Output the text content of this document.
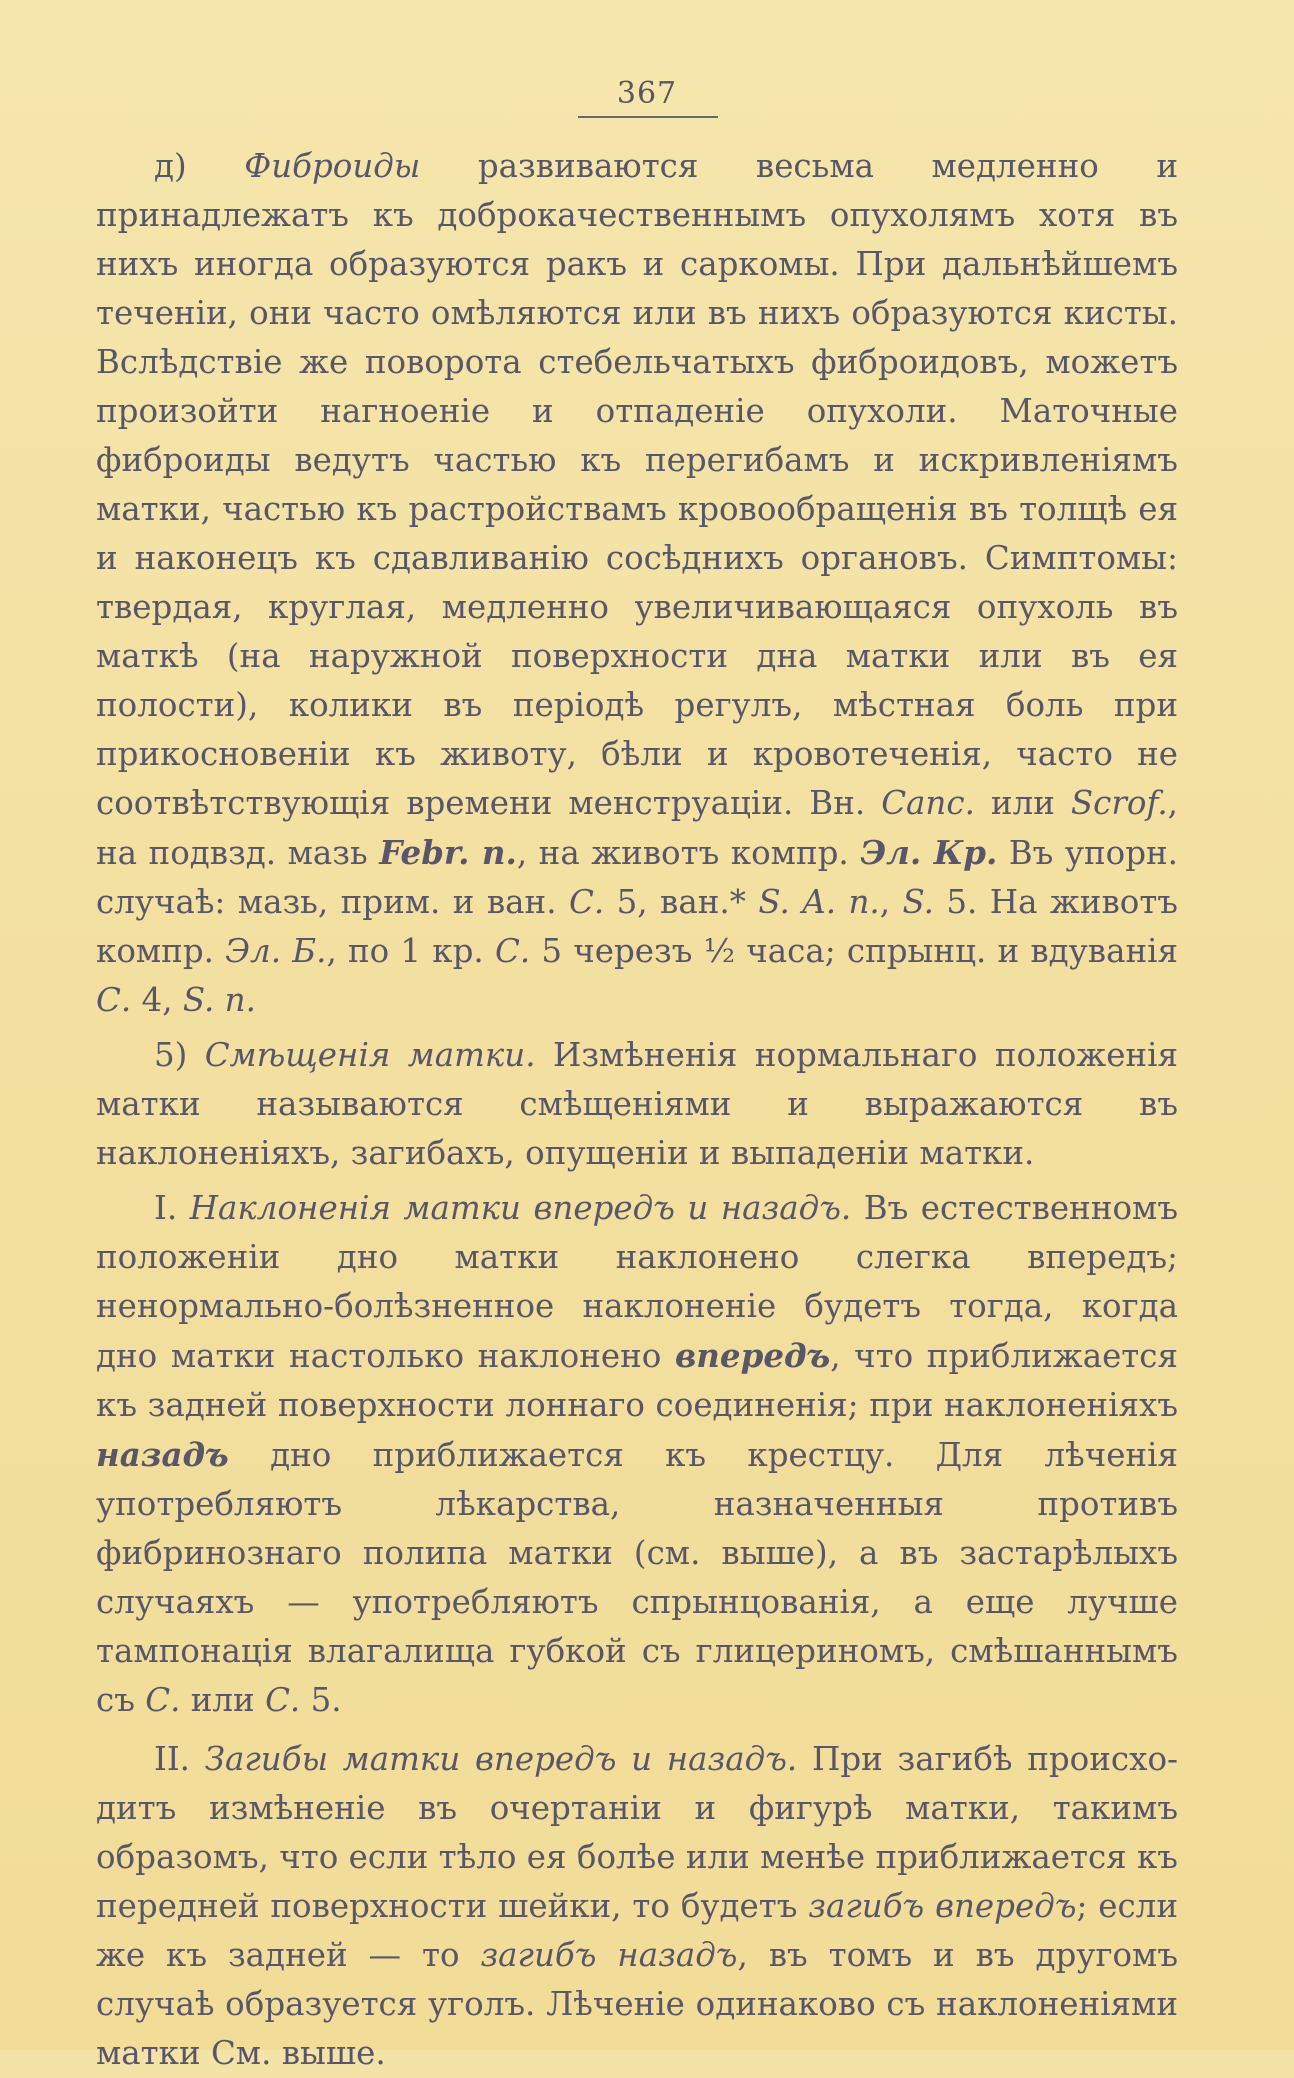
367

д) Фиброиды развиваются весьма медленно и принадлежатъ къ доброкачественнымъ опухолямъ хотя въ нихъ иногда образуются ракъ и саркомы. При дальнѣйшемъ теченіи, они часто омѣляются или въ нихъ образуются кисты. Вслѣдствіе же поворота стебельчатыхъ фиброидовъ, можетъ произойти нагноеніе и отпаденіе опухоли. Маточные фиброиды ведутъ частью къ перегибамъ и искривленіямъ матки, частью къ растройствамъ кровообращенія въ толщѣ ея и наконецъ къ сдавливанію сосѣднихъ органовъ. Симптомы: твердая, круглая, медленно увеличивающаяся опухоль въ маткѣ (на наружной поверхности дна матки или въ ея полости), колики въ періодѣ регулъ, мѣстная боль при прикосновеніи къ животу, бѣли и кровотеченія, часто не соотвѣтствующія времени менструаціи. Вн. Canc. или Scrof., на подвзд. мазь Febr. n., на животъ компр. Эл. Кр. Въ упорн. случаѣ: мазь, прим. и ван. С. 5, ван.* S. A. n., S. 5. На животъ компр. Эл. Б., по 1 кр. С. 5 черезъ ½ часа; спрынц. и вдуванія С. 4, S. n.

5) Смѣщенія матки. Измѣненія нормальнаго положенія матки называются смѣщеніями и выражаются въ наклоненіяхъ, загибахъ, опущеніи и выпаденіи матки.

I. Наклоненія матки впередъ и назадъ. Въ естественномъ положеніи дно матки наклонено слегка впередъ; ненормально-болѣзненное наклоненіе будетъ тогда, когда дно матки настолько наклонено впередъ, что приближается къ задней поверхности лоннаго соединенія; при наклоненіяхъ назадъ дно приближается къ крестцу. Для лѣченія употребляютъ лѣкарства, назначенныя противъ фибринознаго полипа матки (см. выше), а въ застарѣлыхъ случаяхъ — употребляютъ спрынцованія, а еще лучше тампонація влагалища губкой съ глицериномъ, смѣшаннымъ съ С. или С. 5.

II. Загибы матки впередъ и назадъ. При загибѣ происходитъ измѣненіе въ очертаніи и фигурѣ матки, такимъ образомъ, что если тѣло ея болѣе или менѣе приближается къ передней поверхности шейки, то будетъ загибъ впередъ; если же къ задней — то загибъ назадъ, въ томъ и въ другомъ случаѣ образуется уголъ. Лѣченіе одинаково съ наклоненіями матки См. выше.
